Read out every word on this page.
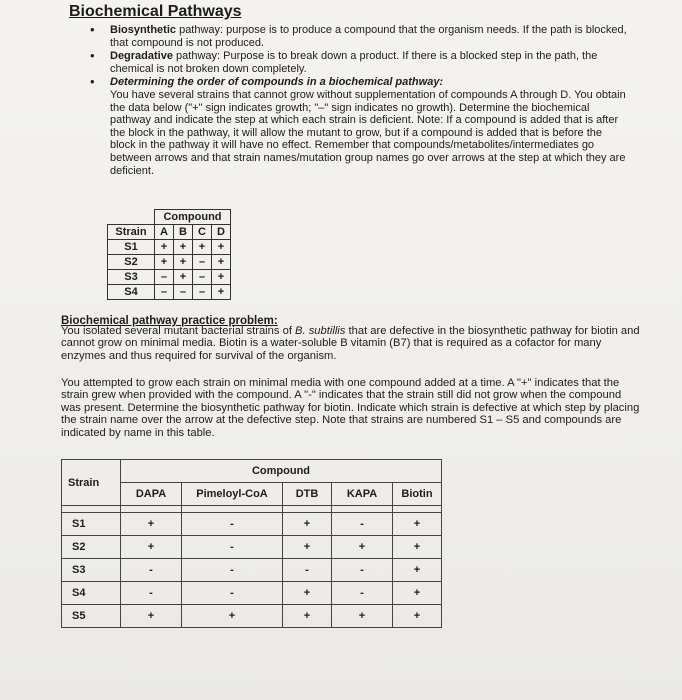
Biochemical Pathways
• Biosynthetic pathway: purpose is to produce a compound that the organism needs. If the path is blocked, that compound is not produced.
• Degradative pathway: Purpose is to break down a product. If there is a blocked step in the path, the chemical is not broken down completely.
• Determining the order of compounds in a biochemical pathway:
You have several strains that cannot grow without supplementation of compounds A through D. You obtain the data below ("+" sign indicates growth; "–" sign indicates no growth). Determine the biochemical pathway and indicate the step at which each strain is deficient. Note: If a compound is added that is after the block in the pathway, it will allow the mutant to grow, but if a compound is added that is before the block in the pathway it will have no effect. Remember that compounds/metabolites/intermediates go between arrows and that strain names/mutation group names go over arrows at the step at which they are deficient.
	Compound			
Strain	A	B	C	D
S1	+	+	+	+
S2	+	+	–	+
S3	–	+	–	+
S4	–	–	–	+
Biochemical pathway practice problem:

You isolated several mutant bacterial strains of B. subtillis that are defective in the biosynthetic pathway for biotin and cannot grow on minimal media. Biotin is a water-soluble B vitamin (B7) that is required as a cofactor for many enzymes and thus required for survival of the organism.

You attempted to grow each strain on minimal media with one compound added at a time. A "+" indicates that the strain grew when provided with the compound. A "-" indicates that the strain still did not grow when the compound was present. Determine the biosynthetic pathway for biotin. Indicate which strain is defective at which step by placing the strain name over the arrow at the defective step. Note that strains are numbered S1 – S5 and compounds are indicated by name in this table.

Strain	Compound				
	DAPA	Pimeloyl-CoA	DTB	KAPA	Biotin

S1	+	-	+	-	+
S2	+	-	+	+	+
S3	-	-	-	-	+
S4	-	-	+	-	+
S5	+	+	+	+	+
